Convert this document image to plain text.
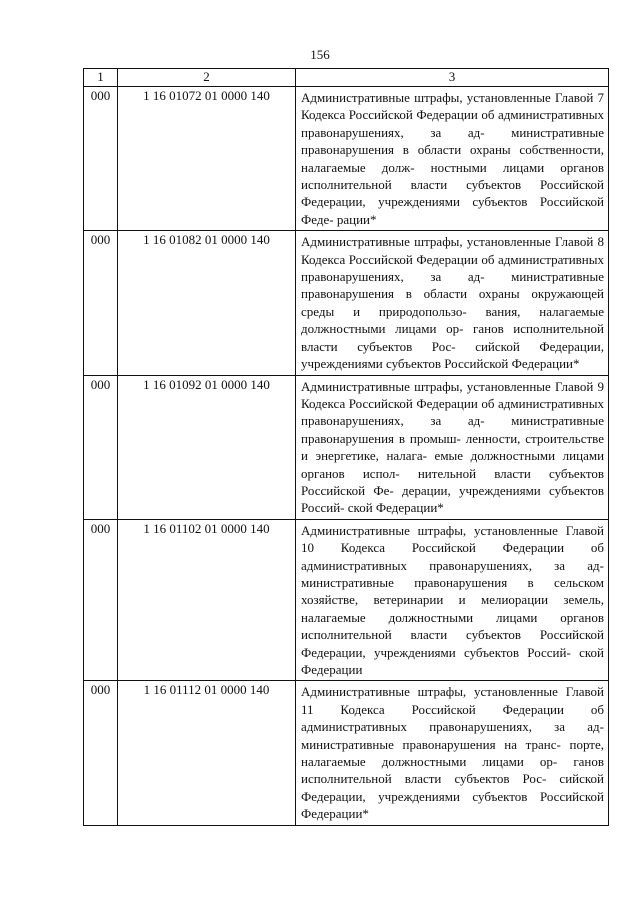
156
1	2	3
000	1 16 01072 01 0000 140	Административные штрафы, установленные Главой 7 Кодекса Российской Федерации об административных правонарушениях, за ад- министративные правонарушения в области охраны собственности, налагаемые долж- ностными лицами органов исполнительной власти субъектов Российской Федерации, учреждениями субъектов Российской Феде- рации*

000	1 16 01082 01 0000 140	Административные штрафы, установленные Главой 8 Кодекса Российской Федерации об административных правонарушениях, за ад- министративные правонарушения в области охраны окружающей среды и природопользо- вания, налагаемые должностными лицами ор- ганов исполнительной власти субъектов Рос- сийской Федерации, учреждениями субъектов Российской Федерации*

000	1 16 01092 01 0000 140	Административные штрафы, установленные Главой 9 Кодекса Российской Федерации об административных правонарушениях, за ад- министративные правонарушения в промыш- ленности, строительстве и энергетике, налага- емые должностными лицами органов испол- нительной власти субъектов Российской Фе- дерации, учреждениями субъектов Россий- ской Федерации*

000	1 16 01102 01 0000 140	Административные штрафы, установленные Главой 10 Кодекса Российской Федерации об административных правонарушениях, за ад- министративные правонарушения в сельском хозяйстве, ветеринарии и мелиорации земель, налагаемые должностными лицами органов исполнительной власти субъектов Российской Федерации, учреждениями субъектов Россий- ской Федерации

000	1 16 01112 01 0000 140	Административные штрафы, установленные Главой 11 Кодекса Российской Федерации об административных правонарушениях, за ад- министративные правонарушения на транс- порте, налагаемые должностными лицами ор- ганов исполнительной власти субъектов Рос- сийской Федерации, учреждениями субъектов Российской Федерации*
